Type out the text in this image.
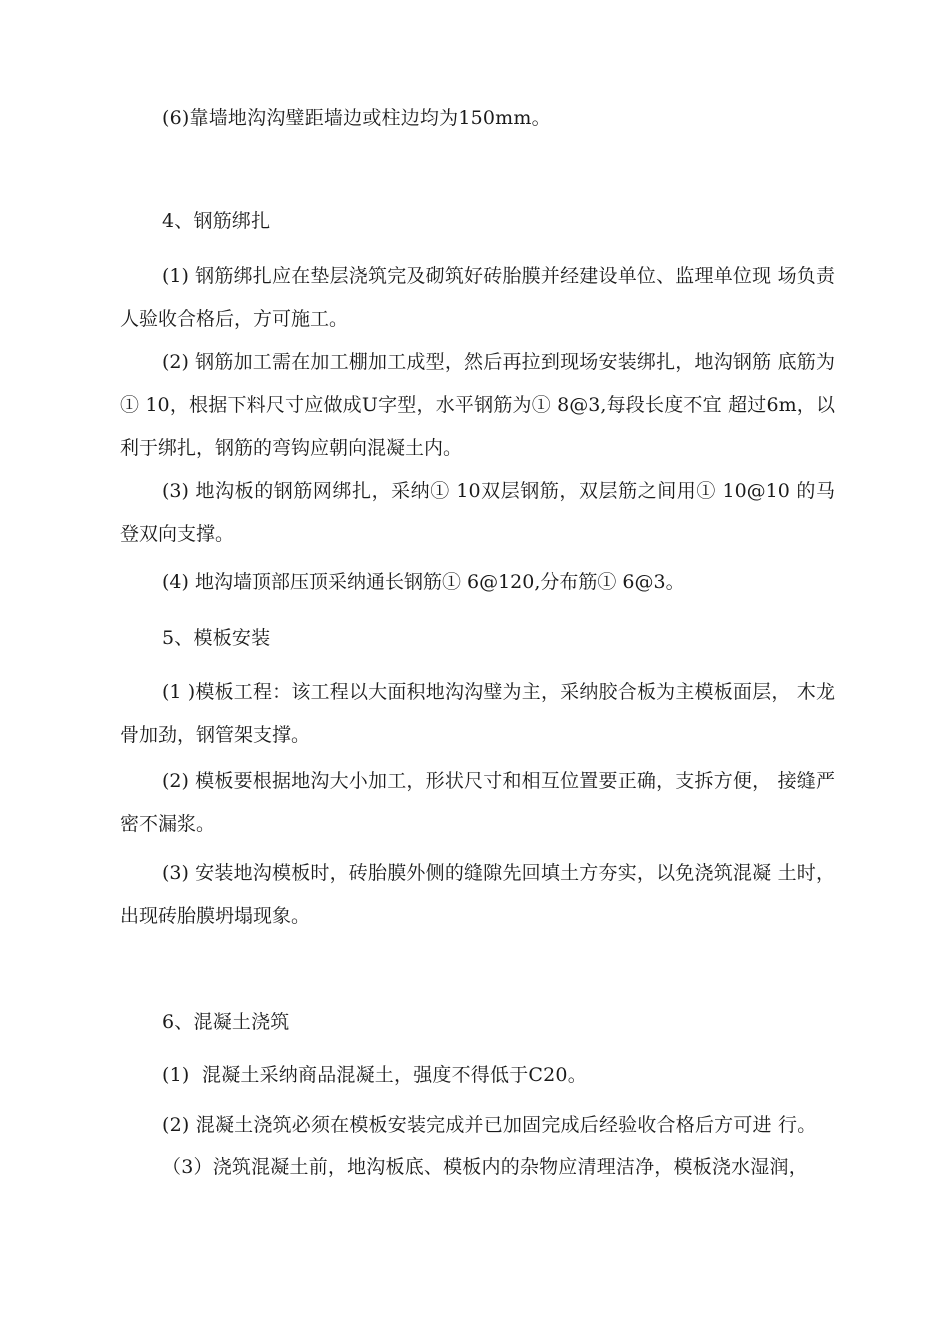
(6)靠墙地沟沟璧距墙边或柱边均为150mm。
4、钢筋绑扎
(1) 钢筋绑扎应在垫层浇筑完及砌筑好砖胎膜并经建设单位、监理单位现 场负责人验收合格后，方可施工。
(2) 钢筋加工需在加工棚加工成型，然后再拉到现场安装绑扎，地沟钢筋 底筋为① 10，根据下料尺寸应做成U字型，水平钢筋为① 8@3,每段长度不宜 超过6m，以利于绑扎，钢筋的弯钩应朝向混凝土内。
(3) 地沟板的钢筋网绑扎，采纳① 10双层钢筋，双层筋之间用① 10@10 的马登双向支撑。
(4) 地沟墙顶部压顶采纳通长钢筋① 6@120,分布筋① 6@3。
5、模板安装
(1 )模板工程：该工程以大面积地沟沟璧为主，采纳胶合板为主模板面层， 木龙骨加劲，钢管架支撑。
(2) 模板要根据地沟大小加工，形状尺寸和相互位置要正确，支拆方便， 接缝严密不漏浆。
(3) 安装地沟模板时，砖胎膜外侧的缝隙先回填土方夯实，以免浇筑混凝 土时，出现砖胎膜坍塌现象。
6、混凝土浇筑
(1)  混凝土采纳商品混凝土，强度不得低于C20。
(2) 混凝土浇筑必须在模板安装完成并已加固完成后经验收合格后方可进 行。
（3）浇筑混凝土前，地沟板底、模板内的杂物应清理洁净，模板浇水湿润，
